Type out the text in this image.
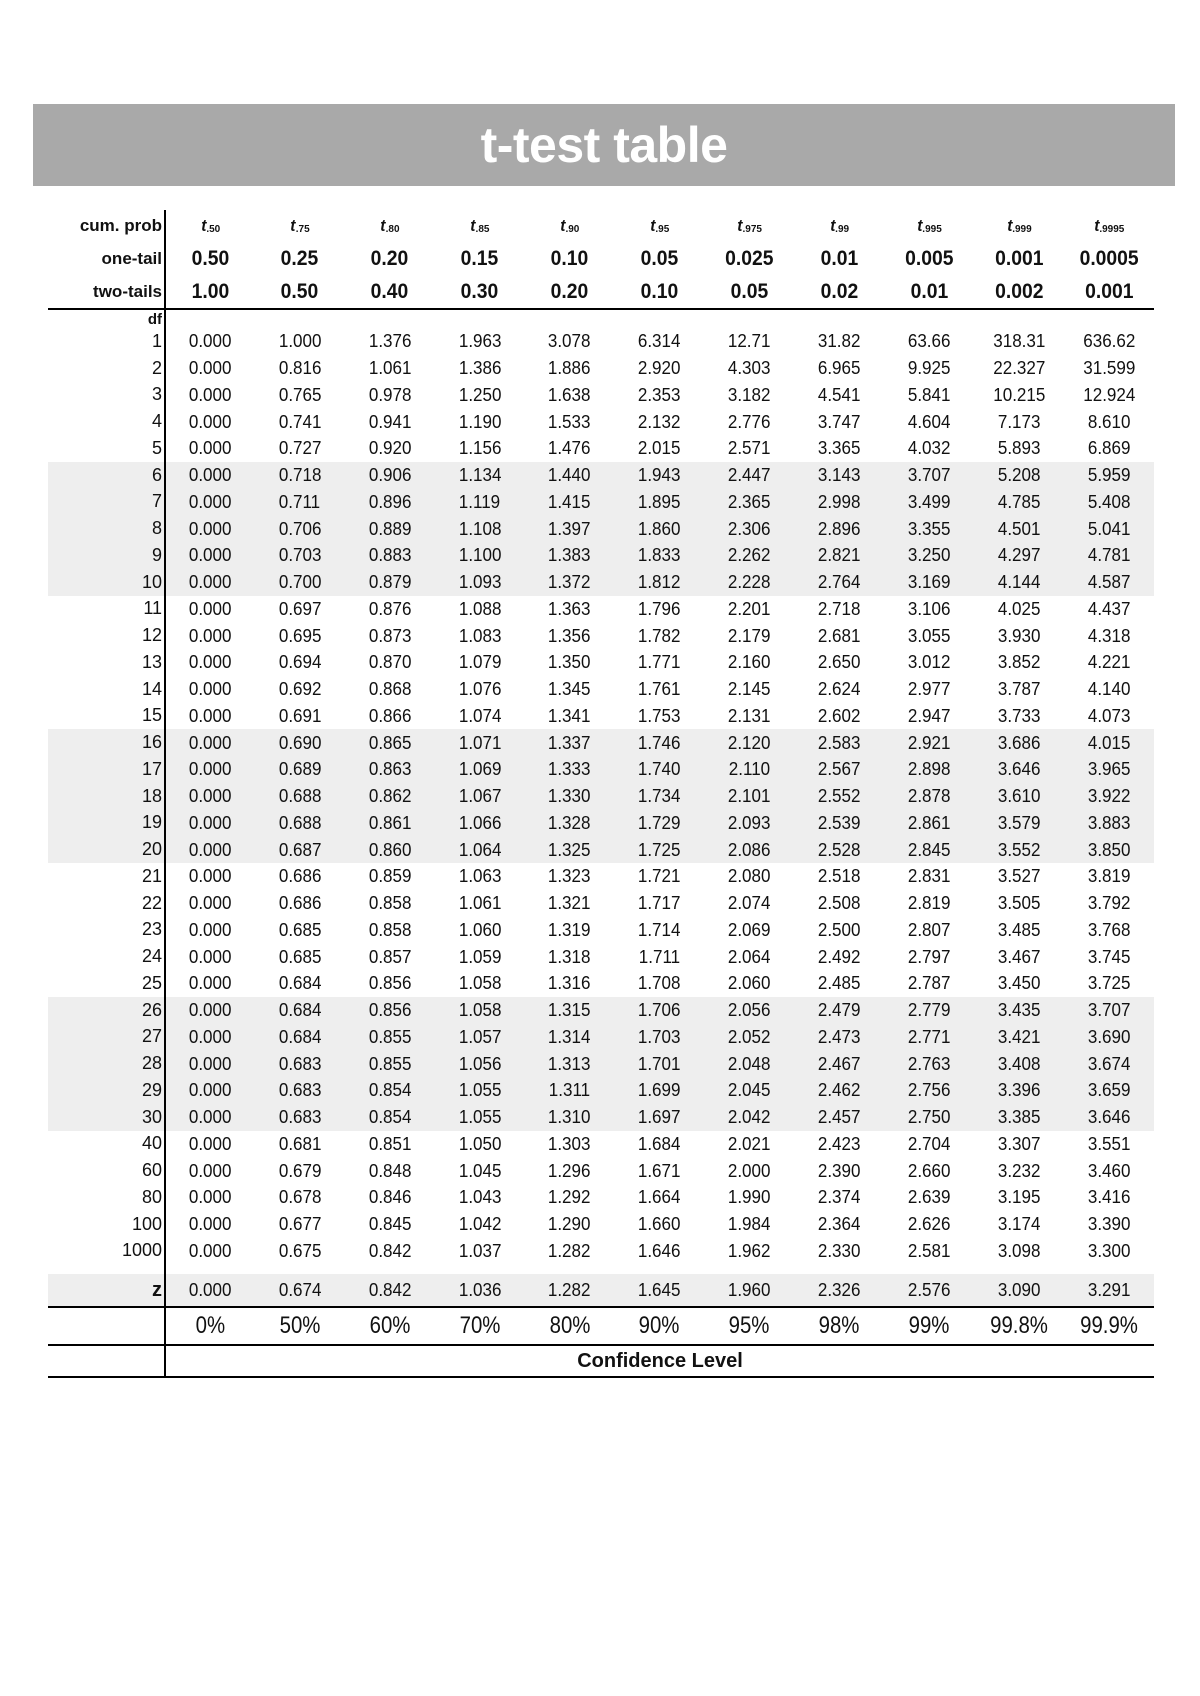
t-test table
cum. prob	$t_{.50}$	$t_{.75}$	$t_{.80}$	$t_{.85}$	$t_{.90}$	$t_{.95}$	$t_{.975}$	$t_{.99}$	$t_{.995}$	$t_{.999}$	$t_{.9995}$
one-tail	0.50	0.25	0.20	0.15	0.10	0.05	0.025	0.01	0.005	0.001	0.0005
two-tails	1.00	0.50	0.40	0.30	0.20	0.10	0.05	0.02	0.01	0.002	0.001
df											
1	0.000	1.000	1.376	1.963	3.078	6.314	12.71	31.82	63.66	318.31	636.62
2	0.000	0.816	1.061	1.386	1.886	2.920	4.303	6.965	9.925	22.327	31.599
3	0.000	0.765	0.978	1.250	1.638	2.353	3.182	4.541	5.841	10.215	12.924
4	0.000	0.741	0.941	1.190	1.533	2.132	2.776	3.747	4.604	7.173	8.610
5	0.000	0.727	0.920	1.156	1.476	2.015	2.571	3.365	4.032	5.893	6.869
6	0.000	0.718	0.906	1.134	1.440	1.943	2.447	3.143	3.707	5.208	5.959
7	0.000	0.711	0.896	1.119	1.415	1.895	2.365	2.998	3.499	4.785	5.408
8	0.000	0.706	0.889	1.108	1.397	1.860	2.306	2.896	3.355	4.501	5.041
9	0.000	0.703	0.883	1.100	1.383	1.833	2.262	2.821	3.250	4.297	4.781
10	0.000	0.700	0.879	1.093	1.372	1.812	2.228	2.764	3.169	4.144	4.587
11	0.000	0.697	0.876	1.088	1.363	1.796	2.201	2.718	3.106	4.025	4.437
12	0.000	0.695	0.873	1.083	1.356	1.782	2.179	2.681	3.055	3.930	4.318
13	0.000	0.694	0.870	1.079	1.350	1.771	2.160	2.650	3.012	3.852	4.221
14	0.000	0.692	0.868	1.076	1.345	1.761	2.145	2.624	2.977	3.787	4.140
15	0.000	0.691	0.866	1.074	1.341	1.753	2.131	2.602	2.947	3.733	4.073
16	0.000	0.690	0.865	1.071	1.337	1.746	2.120	2.583	2.921	3.686	4.015
17	0.000	0.689	0.863	1.069	1.333	1.740	2.110	2.567	2.898	3.646	3.965
18	0.000	0.688	0.862	1.067	1.330	1.734	2.101	2.552	2.878	3.610	3.922
19	0.000	0.688	0.861	1.066	1.328	1.729	2.093	2.539	2.861	3.579	3.883
20	0.000	0.687	0.860	1.064	1.325	1.725	2.086	2.528	2.845	3.552	3.850
21	0.000	0.686	0.859	1.063	1.323	1.721	2.080	2.518	2.831	3.527	3.819
22	0.000	0.686	0.858	1.061	1.321	1.717	2.074	2.508	2.819	3.505	3.792
23	0.000	0.685	0.858	1.060	1.319	1.714	2.069	2.500	2.807	3.485	3.768
24	0.000	0.685	0.857	1.059	1.318	1.711	2.064	2.492	2.797	3.467	3.745
25	0.000	0.684	0.856	1.058	1.316	1.708	2.060	2.485	2.787	3.450	3.725
26	0.000	0.684	0.856	1.058	1.315	1.706	2.056	2.479	2.779	3.435	3.707
27	0.000	0.684	0.855	1.057	1.314	1.703	2.052	2.473	2.771	3.421	3.690
28	0.000	0.683	0.855	1.056	1.313	1.701	2.048	2.467	2.763	3.408	3.674
29	0.000	0.683	0.854	1.055	1.311	1.699	2.045	2.462	2.756	3.396	3.659
30	0.000	0.683	0.854	1.055	1.310	1.697	2.042	2.457	2.750	3.385	3.646
40	0.000	0.681	0.851	1.050	1.303	1.684	2.021	2.423	2.704	3.307	3.551
60	0.000	0.679	0.848	1.045	1.296	1.671	2.000	2.390	2.660	3.232	3.460
80	0.000	0.678	0.846	1.043	1.292	1.664	1.990	2.374	2.639	3.195	3.416
100	0.000	0.677	0.845	1.042	1.290	1.660	1.984	2.364	2.626	3.174	3.390
1000	0.000	0.675	0.842	1.037	1.282	1.646	1.962	2.330	2.581	3.098	3.300

z	0.000	0.674	0.842	1.036	1.282	1.645	1.960	2.326	2.576	3.090	3.291
	0%	50%	60%	70%	80%	90%	95%	98%	99%	99.8%	99.9%
	Confidence Level										
